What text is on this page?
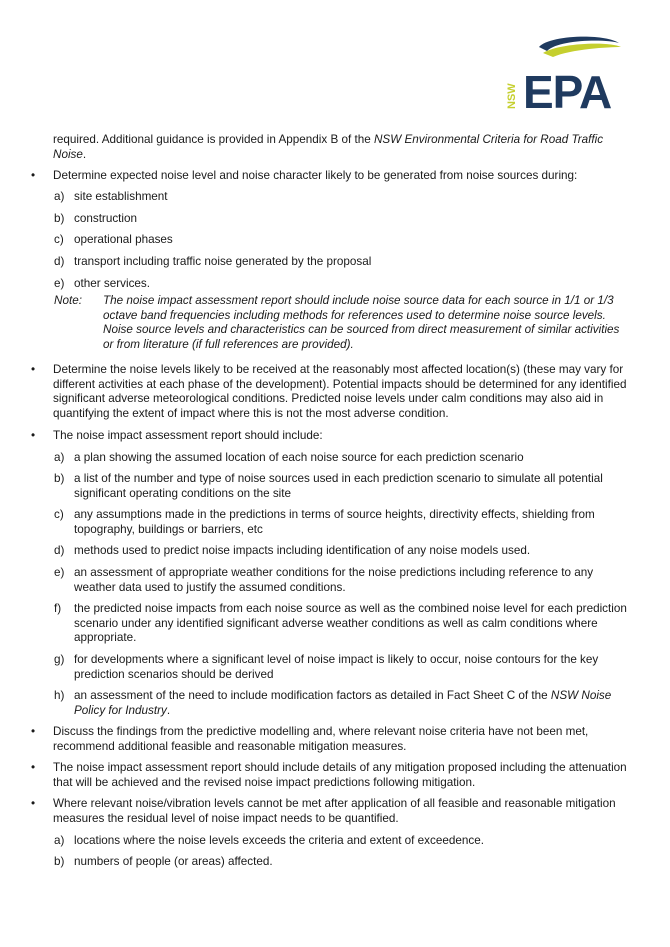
NSW EPA

required. Additional guidance is provided in Appendix B of the NSW Environmental Criteria for Road Traffic Noise.

• Determine expected noise level and noise character likely to be generated from noise sources during:

a) site establishment

b) construction

c) operational phases

d) transport including traffic noise generated by the proposal

e) other services.

Note: The noise impact assessment report should include noise source data for each source in 1/1 or 1/3 octave band frequencies including methods for references used to determine noise source levels. Noise source levels and characteristics can be sourced from direct measurement of similar activities or from literature (if full references are provided).

• Determine the noise levels likely to be received at the reasonably most affected location(s) (these may vary for different activities at each phase of the development). Potential impacts should be determined for any identified significant adverse meteorological conditions. Predicted noise levels under calm conditions may also aid in quantifying the extent of impact where this is not the most adverse condition.

• The noise impact assessment report should include:

a) a plan showing the assumed location of each noise source for each prediction scenario

b) a list of the number and type of noise sources used in each prediction scenario to simulate all potential significant operating conditions on the site

c) any assumptions made in the predictions in terms of source heights, directivity effects, shielding from topography, buildings or barriers, etc

d) methods used to predict noise impacts including identification of any noise models used.

e) an assessment of appropriate weather conditions for the noise predictions including reference to any weather data used to justify the assumed conditions.

f) the predicted noise impacts from each noise source as well as the combined noise level for each prediction scenario under any identified significant adverse weather conditions as well as calm conditions where appropriate.

g) for developments where a significant level of noise impact is likely to occur, noise contours for the key prediction scenarios should be derived

h) an assessment of the need to include modification factors as detailed in Fact Sheet C of the NSW Noise Policy for Industry.

• Discuss the findings from the predictive modelling and, where relevant noise criteria have not been met, recommend additional feasible and reasonable mitigation measures.

• The noise impact assessment report should include details of any mitigation proposed including the attenuation that will be achieved and the revised noise impact predictions following mitigation.

• Where relevant noise/vibration levels cannot be met after application of all feasible and reasonable mitigation measures the residual level of noise impact needs to be quantified.

a) locations where the noise levels exceeds the criteria and extent of exceedence.

b) numbers of people (or areas) affected.
